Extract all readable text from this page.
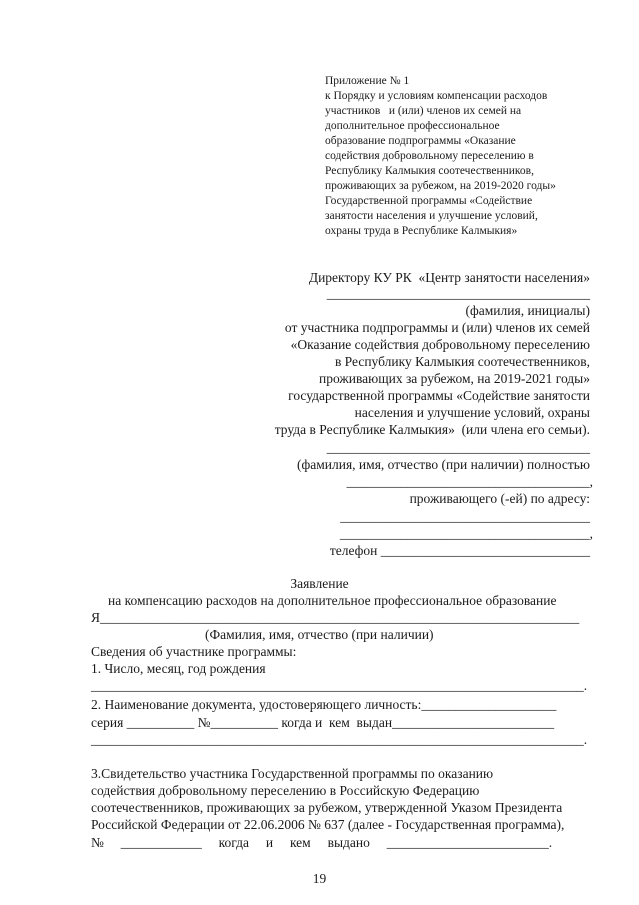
Приложение № 1
к Порядку и условиям компенсации расходов
участников   и (или) членов их семей на
дополнительное профессиональное
образование подпрограммы «Оказание
содействия добровольному переселению в
Республику Калмыкия соотечественников,
проживающих за рубежом, на 2019-2020 годы»
Государственной программы «Содействие
занятости населения и улучшение условий,
охраны труда в Республике Калмыкия»
Директору КУ РК  «Центр занятости населения»
_______________________________________
(фамилия, инициалы)
от участника подпрограммы и (или) членов их семей
«Оказание содействия добровольному переселению
в Республику Калмыкия соотечественников,
проживающих за рубежом, на 2019-2021 годы»
государственной программы «Содействие занятости
населения и улучшение условий, охраны
труда в Республике Калмыкия»  (или члена его семьи).
_______________________________________
(фамилия, имя, отчество (при наличии) полностью
____________________________________,
проживающего (-ей) по адресу:
_____________________________________
_____________________________________,
телефон _______________________________
Заявление
на компенсацию расходов на дополнительное профессиональное образование
Я_______________________________________________________________________
(Фамилия, имя, отчество (при наличии)
Сведения об участнике программы:
1. Число, месяц, год рождения
_________________________________________________________________________.
2. Наименование документа, удостоверяющего личность:____________________
серия __________ №__________ когда и  кем  выдан________________________
_________________________________________________________________________.
3.Свидетельство участника Государственной программы по оказанию
содействия добровольному переселению в Российскую Федерацию
соотечественников, проживающих за рубежом, утвержденной Указом Президента
Российской Федерации от 22.06.2006 № 637 (далее - Государственная программа),
№     ____________     когда     и     кем     выдано     ________________________.
19
